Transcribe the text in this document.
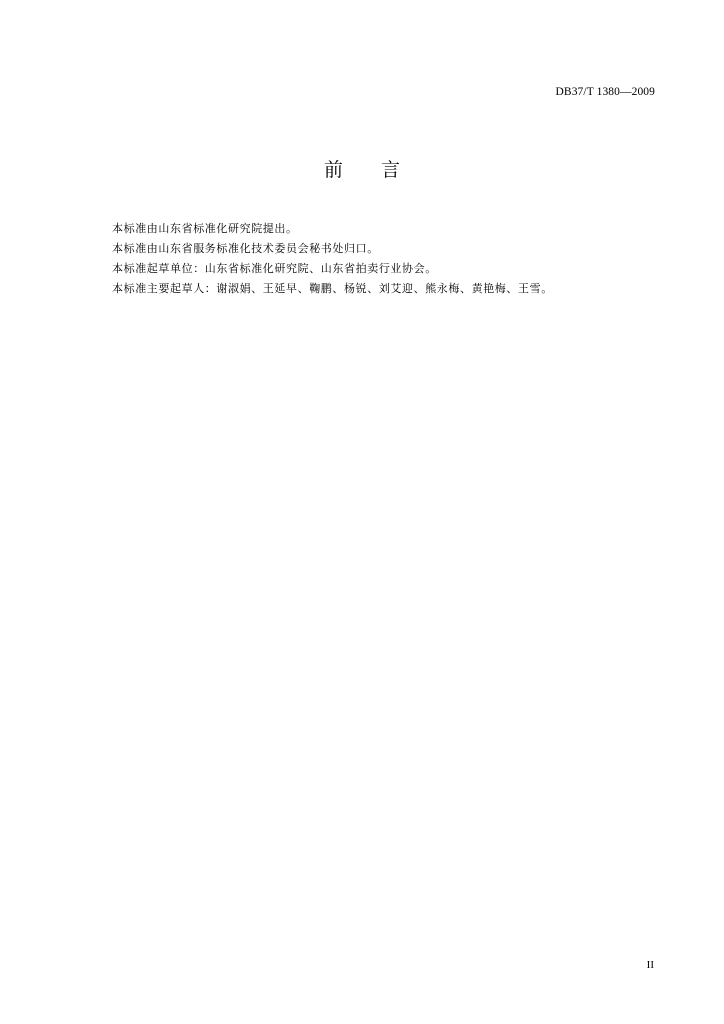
DB37/T 1380—2009
前 言
本标准由山东省标准化研究院提出。
本标准由山东省服务标准化技术委员会秘书处归口。
本标准起草单位：山东省标准化研究院、山东省拍卖行业协会。
本标准主要起草人：谢淑娟、王延早、鞠鹏、杨锐、刘艾迎、熊永梅、黄艳梅、王雪。
II
